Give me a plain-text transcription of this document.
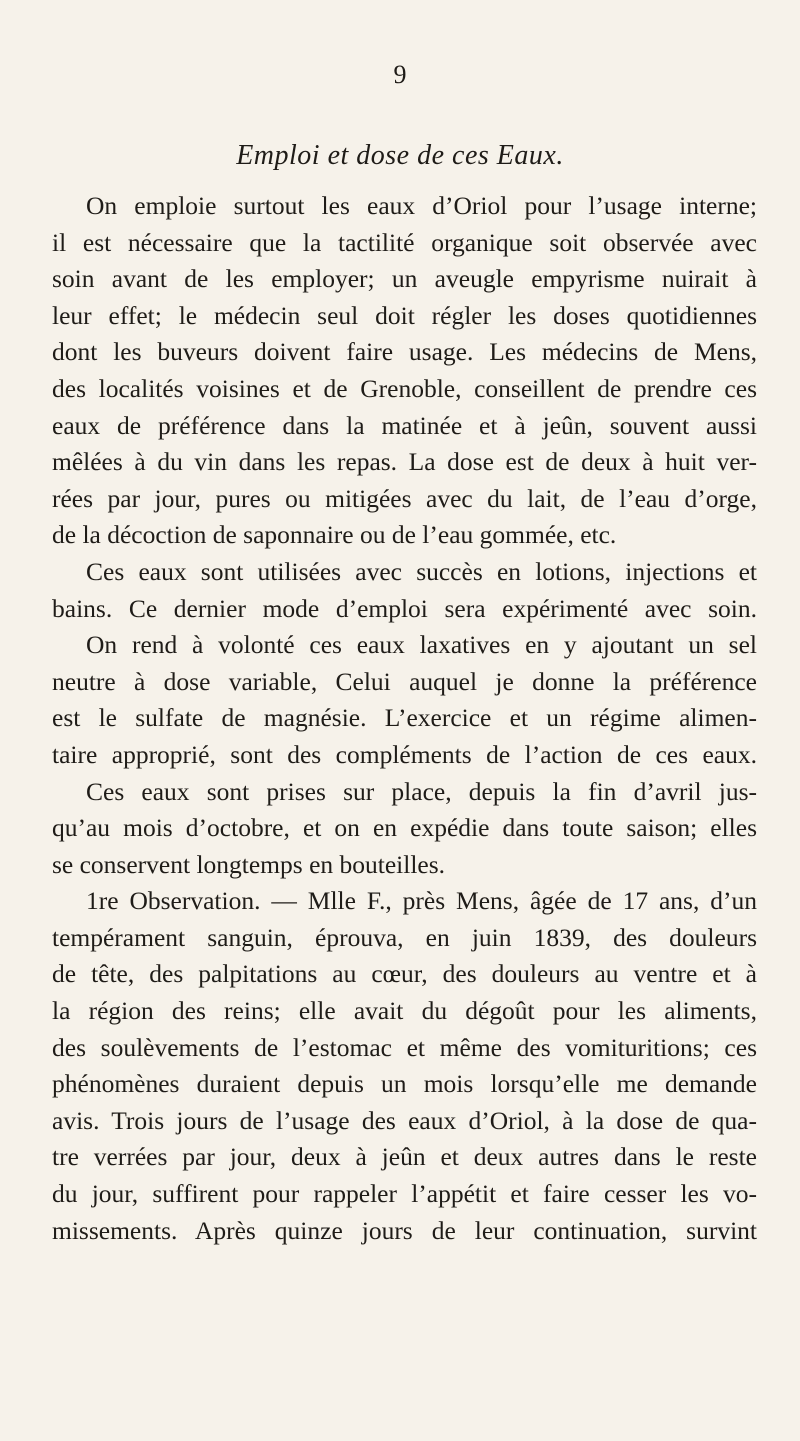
9
Emploi et dose de ces Eaux.
On emploie surtout les eaux d’Oriol pour l’usage interne;
il est nécessaire que la tactilité organique soit observée avec
soin avant de les employer; un aveugle empyrisme nuirait à
leur effet; le médecin seul doit régler les doses quotidiennes
dont les buveurs doivent faire usage. Les médecins de Mens,
des localités voisines et de Grenoble, conseillent de prendre ces
eaux de préférence dans la matinée et à jeûn, souvent aussi
mêlées à du vin dans les repas. La dose est de deux à huit ver-
rées par jour, pures ou mitigées avec du lait, de l’eau d’orge,
de la décoction de saponnaire ou de l’eau gommée, etc.
Ces eaux sont utilisées avec succès en lotions, injections et
bains. Ce dernier mode d’emploi sera expérimenté avec soin.
On rend à volonté ces eaux laxatives en y ajoutant un sel
neutre à dose variable, Celui auquel je donne la préférence
est le sulfate de magnésie. L’exercice et un régime alimen-
taire approprié, sont des compléments de l’action de ces eaux.
Ces eaux sont prises sur place, depuis la fin d’avril jus-
qu’au mois d’octobre, et on en expédie dans toute saison; elles
se conservent longtemps en bouteilles.
1re Observation. — Mlle F., près Mens, âgée de 17 ans, d’un
tempérament sanguin, éprouva, en juin 1839, des douleurs
de tête, des palpitations au cœur, des douleurs au ventre et à
la région des reins; elle avait du dégoût pour les aliments,
des soulèvements de l’estomac et même des vomituritions; ces
phénomènes duraient depuis un mois lorsqu’elle me demande
avis. Trois jours de l’usage des eaux d’Oriol, à la dose de qua-
tre verrées par jour, deux à jeûn et deux autres dans le reste
du jour, suffirent pour rappeler l’appétit et faire cesser les vo-
missements. Après quinze jours de leur continuation, survint
